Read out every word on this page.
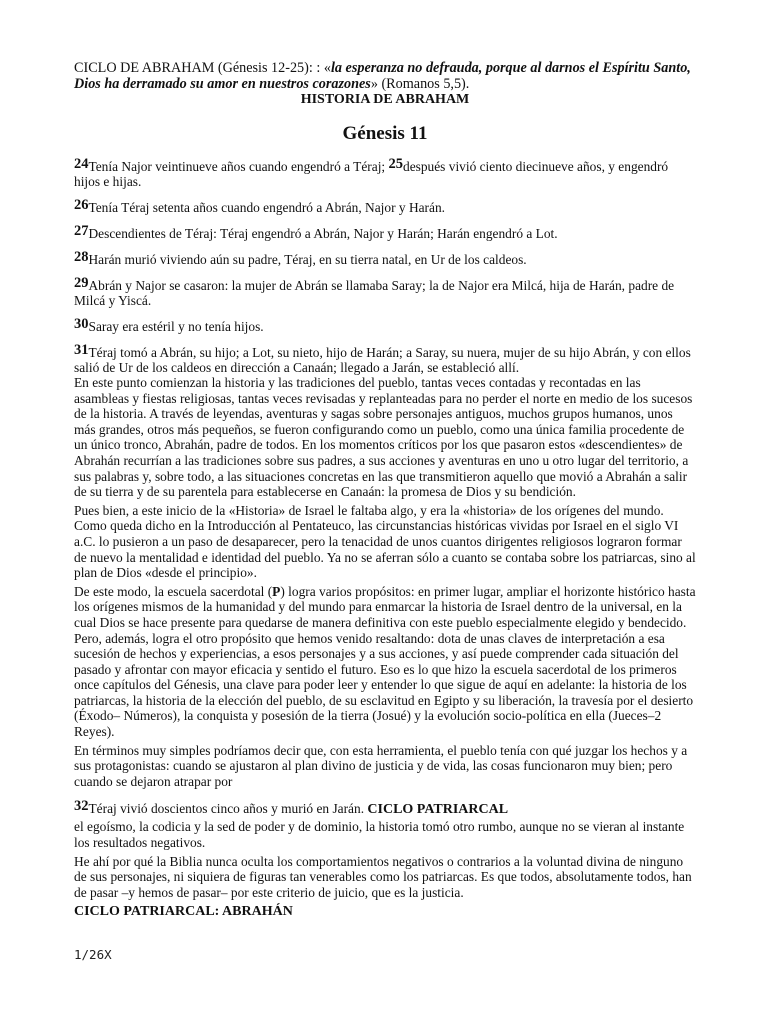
CICLO DE ABRAHAM (Génesis 12-25): : «la esperanza no defrauda, porque al darnos el Espíritu Santo, Dios ha derramado su amor en nuestros corazones» (Romanos 5,5).

HISTORIA DE ABRAHAM

Génesis 11

24Tenía Najor veintinueve años cuando engendró a Téraj; 25después vivió ciento diecinueve años, y engendró hijos e hijas.

26Tenía Téraj setenta años cuando engendró a Abrán, Najor y Harán.

27Descendientes de Téraj: Téraj engendró a Abrán, Najor y Harán; Harán engendró a Lot.

28Harán murió viviendo aún su padre, Téraj, en su tierra natal, en Ur de los caldeos.

29Abrán y Najor se casaron: la mujer de Abrán se llamaba Saray; la de Najor era Milcá, hija de Harán, padre de Milcá y Yiscá.

30Saray era estéril y no tenía hijos.

31Téraj tomó a Abrán, su hijo; a Lot, su nieto, hijo de Harán; a Saray, su nuera, mujer de su hijo Abrán, y con ellos salió de Ur de los caldeos en dirección a Canaán; llegado a Jarán, se estableció allí.

En este punto comienzan la historia y las tradiciones del pueblo, tantas veces contadas y recontadas en las asambleas y fiestas religiosas, tantas veces revisadas y replanteadas para no perder el norte en medio de los sucesos de la historia. A través de leyendas, aventuras y sagas sobre personajes antiguos, muchos grupos humanos, unos más grandes, otros más pequeños, se fueron configurando como un pueblo, como una única familia procedente de un único tronco, Abrahán, padre de todos. En los momentos críticos por los que pasaron estos «descendientes» de Abrahán recurrían a las tradiciones sobre sus padres, a sus acciones y aventuras en uno u otro lugar del territorio, a sus palabras y, sobre todo, a las situaciones concretas en las que transmitieron aquello que movió a Abrahán a salir de su tierra y de su parentela para establecerse en Canaán: la promesa de Dios y su bendición.

Pues bien, a este inicio de la «Historia» de Israel le faltaba algo, y era la «historia» de los orígenes del mundo. Como queda dicho en la Introducción al Pentateuco, las circunstancias históricas vividas por Israel en el siglo VI a.C. lo pusieron a un paso de desaparecer, pero la tenacidad de unos cuantos dirigentes religiosos lograron formar de nuevo la mentalidad e identidad del pueblo. Ya no se aferran sólo a cuanto se contaba sobre los patriarcas, sino al plan de Dios «desde el principio».

De este modo, la escuela sacerdotal (P) logra varios propósitos: en primer lugar, ampliar el horizonte histórico hasta los orígenes mismos de la humanidad y del mundo para enmarcar la historia de Israel dentro de la universal, en la cual Dios se hace presente para quedarse de manera definitiva con este pueblo especialmente elegido y bendecido. Pero, además, logra el otro propósito que hemos venido resaltando: dota de unas claves de interpretación a esa sucesión de hechos y experiencias, a esos personajes y a sus acciones, y así puede comprender cada situación del pasado y afrontar con mayor eficacia y sentido el futuro. Eso es lo que hizo la escuela sacerdotal de los primeros once capítulos del Génesis, una clave para poder leer y entender lo que sigue de aquí en adelante: la historia de los patriarcas, la historia de la elección del pueblo, de su esclavitud en Egipto y su liberación, la travesía por el desierto (Éxodo– Números), la conquista y posesión de la tierra (Josué) y la evolución socio-política en ella (Jueces–2 Reyes).

En términos muy simples podríamos decir que, con esta herramienta, el pueblo tenía con qué juzgar los hechos y a sus protagonistas: cuando se ajustaron al plan divino de justicia y de vida, las cosas funcionaron muy bien; pero cuando se dejaron atrapar por

32Téraj vivió doscientos cinco años y murió en Jarán. CICLO PATRIARCAL

el egoísmo, la codicia y la sed de poder y de dominio, la historia tomó otro rumbo, aunque no se vieran al instante los resultados negativos.

He ahí por qué la Biblia nunca oculta los comportamientos negativos o contrarios a la voluntad divina de ninguno de sus personajes, ni siquiera de figuras tan venerables como los patriarcas. Es que todos, absolutamente todos, han de pasar –y hemos de pasar– por este criterio de juicio, que es la justicia.

CICLO PATRIARCAL: ABRAHÁN

1/26X
